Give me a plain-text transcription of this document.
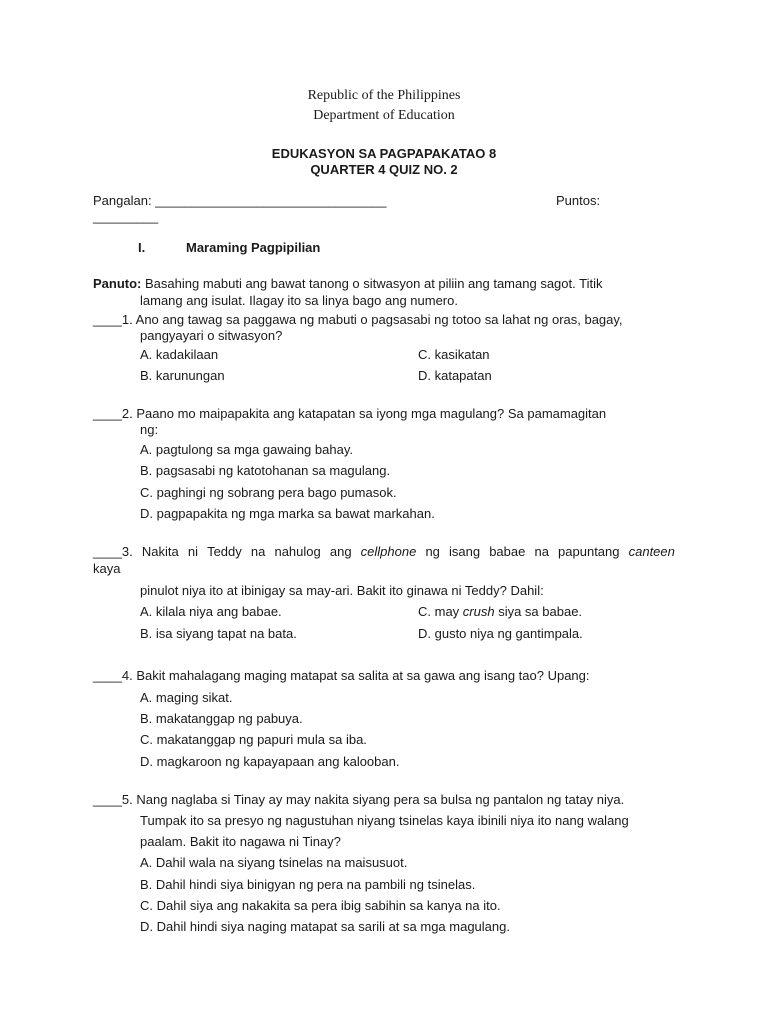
Republic of the Philippines
Department of Education
EDUKASYON SA PAGPAPAKATAO 8
QUARTER 4 QUIZ NO. 2
Pangalan: ________________________________	Puntos:
_________
I.	Maraming Pagpipilian
Panuto: Basahing mabuti ang bawat tanong o sitwasyon at piliin ang tamang sagot. Titik
lamang ang isulat. Ilagay ito sa linya bago ang numero.
____1. Ano ang tawag sa paggawa ng mabuti o pagsasabi ng totoo sa lahat ng oras, bagay,
pangyayari o sitwasyon?
A. kadakilaan	C. kasikatan
B. karunungan	D. katapatan
____2. Paano mo maipapakita ang katapatan sa iyong mga magulang? Sa pamamagitan
ng:
A. pagtulong sa mga gawaing bahay.
B. pagsasabi ng katotohanan sa magulang.
C. paghingi ng sobrang pera bago pumasok.
D. pagpapakita ng mga marka sa bawat markahan.
____3. Nakita ni Teddy na nahulog ang cellphone ng isang babae na papuntang canteen
kaya
pinulot niya ito at ibinigay sa may-ari. Bakit ito ginawa ni Teddy? Dahil:
A. kilala niya ang babae.	C. may crush siya sa babae.
B. isa siyang tapat na bata.	D. gusto niya ng gantimpala.
____4. Bakit mahalagang maging matapat sa salita at sa gawa ang isang tao? Upang:
A. maging sikat.
B. makatanggap ng pabuya.
C. makatanggap ng papuri mula sa iba.
D. magkaroon ng kapayapaan ang kalooban.
____5. Nang naglaba si Tinay ay may nakita siyang pera sa bulsa ng pantalon ng tatay niya.
Tumpak ito sa presyo ng nagustuhan niyang tsinelas kaya ibinili niya ito nang walang
paalam. Bakit ito nagawa ni Tinay?
A. Dahil wala na siyang tsinelas na maisusuot.
B. Dahil hindi siya binigyan ng pera na pambili ng tsinelas.
C. Dahil siya ang nakakita sa pera ibig sabihin sa kanya na ito.
D. Dahil hindi siya naging matapat sa sarili at sa mga magulang.
